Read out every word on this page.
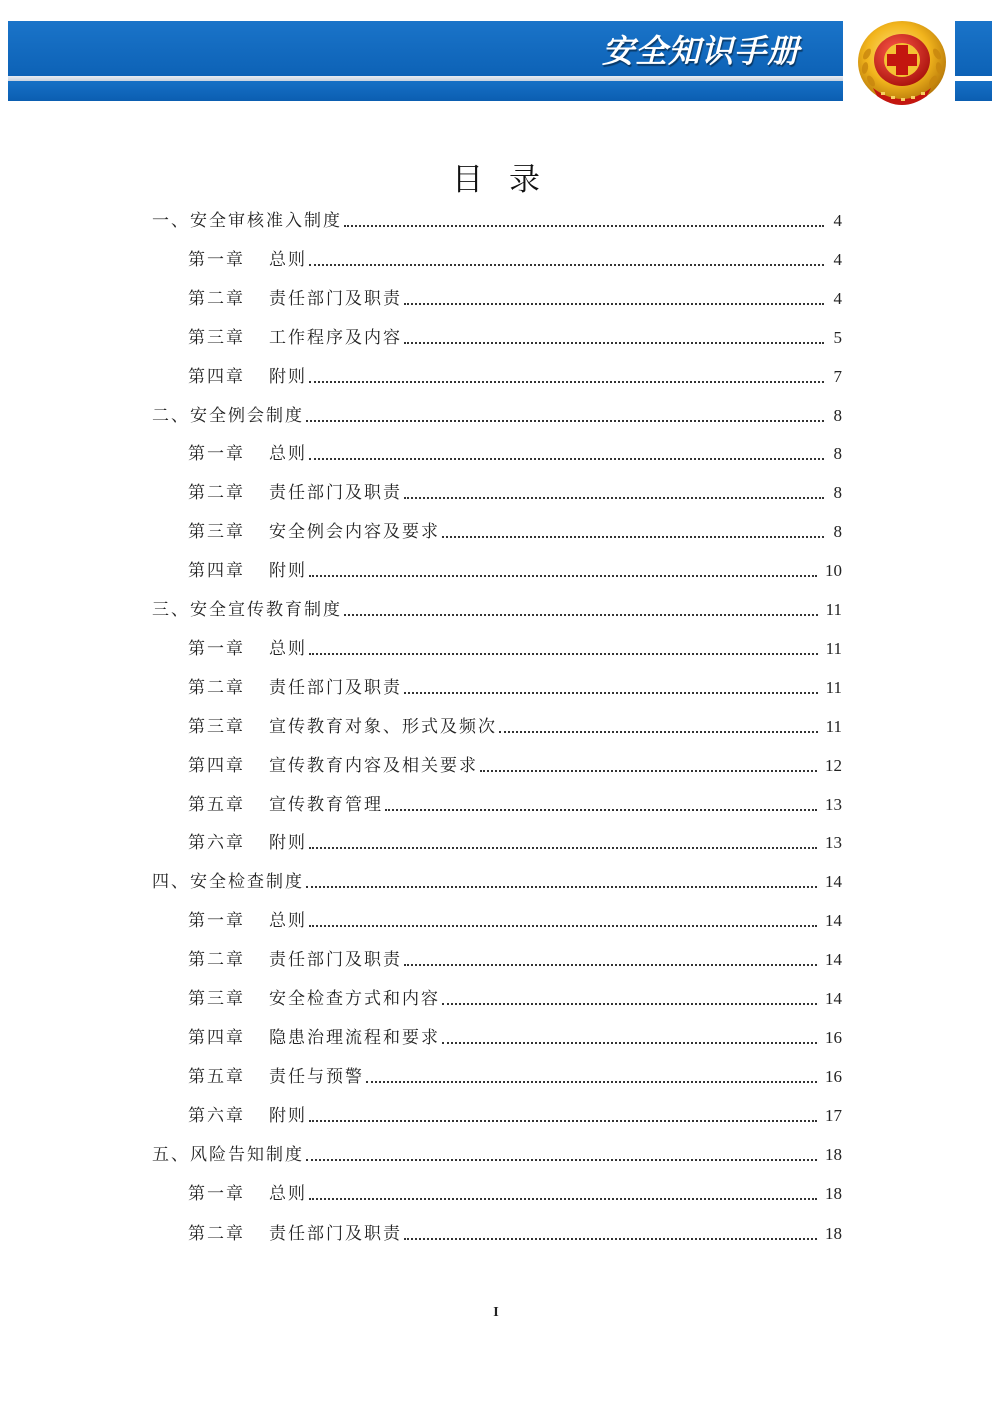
安全知识手册
目录
一、安全审核准入制度	4
第一章 总则	4
第二章 责任部门及职责	4
第三章 工作程序及内容	5
第四章 附则	7
二、安全例会制度	8
第一章 总则	8
第二章 责任部门及职责	8
第三章 安全例会内容及要求	8
第四章 附则	10
三、安全宣传教育制度	11
第一章 总则	11
第二章 责任部门及职责	11
第三章 宣传教育对象、形式及频次	11
第四章 宣传教育内容及相关要求	12
第五章 宣传教育管理	13
第六章 附则	13
四、安全检查制度	14
第一章 总则	14
第二章 责任部门及职责	14
第三章 安全检查方式和内容	14
第四章 隐患治理流程和要求	16
第五章 责任与预警	16
第六章 附则	17
五、风险告知制度	18
第一章 总则	18
第二章 责任部门及职责	18
I
